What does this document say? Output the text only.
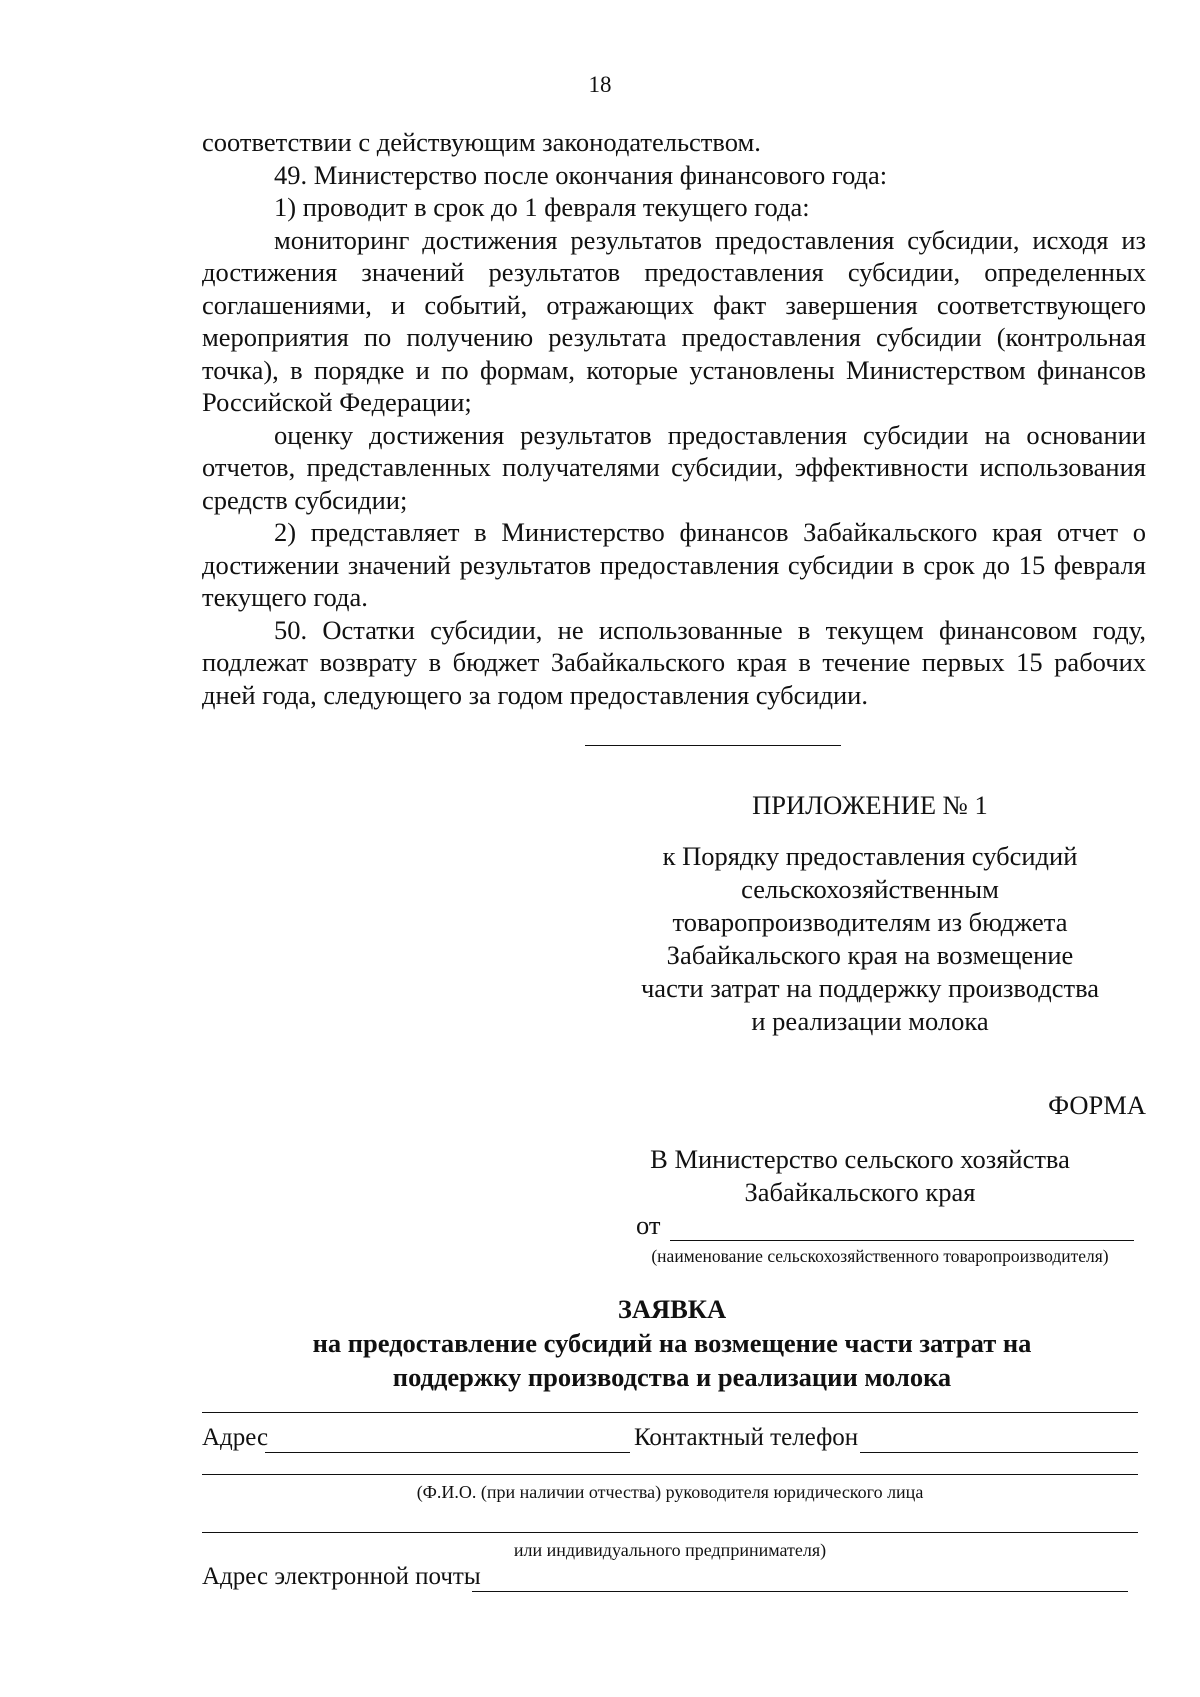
18

соответствии с действующим законодательством.

49. Министерство после окончания финансового года:

1) проводит в срок до 1 февраля текущего года:

мониторинг достижения результатов предоставления субсидии, исходя из достижения значений результатов предоставления субсидии, определенных соглашениями, и событий, отражающих факт завершения соответствующего мероприятия по получению результата предоставления субсидии (контрольная точка), в порядке и по формам, которые установлены Министерством финансов Российской Федерации;

оценку достижения результатов предоставления субсидии на основании отчетов, представленных получателями субсидии, эффективности использования средств субсидии;

2) представляет в Министерство финансов Забайкальского края отчет о достижении значений результатов предоставления субсидии в срок до 15 февраля текущего года.

50. Остатки субсидии, не использованные в текущем финансовом году, подлежат возврату в бюджет Забайкальского края в течение первых 15 рабочих дней года, следующего за годом предоставления субсидии.

ПРИЛОЖЕНИЕ № 1
к Порядку предоставления субсидий
сельскохозяйственным
товаропроизводителям из бюджета
Забайкальского края на возмещение
части затрат на поддержку производства
и реализации молока
ФОРМА
В Министерство сельского хозяйства
Забайкальского края
от
(наименование сельскохозяйственного товаропроизводителя)
ЗАЯВКА
на предоставление субсидий на возмещение части затрат на
поддержку производства и реализации молока
Адрес	Контактный телефон
(Ф.И.О. (при наличии отчества) руководителя юридического лица
или индивидуального предпринимателя)
Адрес электронной почты
